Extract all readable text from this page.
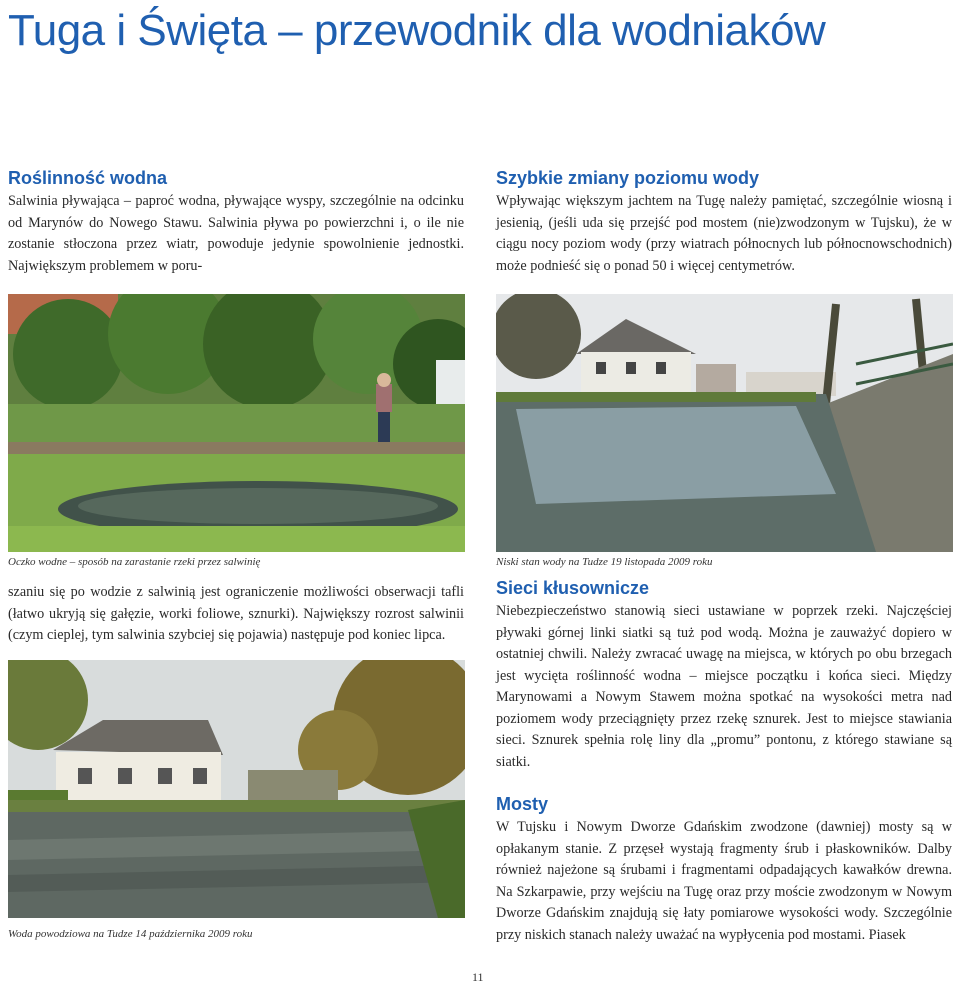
Tuga i Święta – przewodnik dla wodniaków
Roślinność wodna
Salwinia pływająca – paproć wodna, pływające wyspy, szczególnie na odcinku od Marynów do Nowego Stawu. Salwinia pływa po powierzchni i, o ile nie zostanie stłoczona przez wiatr, powoduje jedynie spowolnienie jednostki. Największym problemem w poru-
Oczko wodne – sposób na zarastanie rzeki przez salwinię
szaniu się po wodzie z salwinią jest ograniczenie możliwości obserwacji tafli (łatwo ukryją się gałęzie, worki foliowe, sznurki). Największy rozrost salwinii (czym cieplej, tym salwinia szybciej się pojawia) następuje pod koniec lipca.
Woda powodziowa na Tudze 14 października 2009 roku
Szybkie zmiany poziomu wody
Wpływając większym jachtem na Tugę należy pamiętać, szczególnie wiosną i jesienią, (jeśli uda się przejść pod mostem (nie)zwodzonym w Tujsku), że w ciągu nocy poziom wody (przy wiatrach północnych lub północnowschodnich) może podnieść się o ponad 50 i więcej centymetrów.
Niski stan wody na Tudze 19 listopada 2009 roku
Sieci kłusownicze
Niebezpieczeństwo stanowią sieci ustawiane w poprzek rzeki. Najczęściej pływaki górnej linki siatki są tuż pod wodą. Można je zauważyć dopiero w ostatniej chwili. Należy zwracać uwagę na miejsca, w których po obu brzegach jest wycięta roślinność wodna – miejsce początku i końca sieci. Między Marynowami a Nowym Stawem można spotkać na wysokości metra nad poziomem wody przeciągnięty przez rzekę sznurek. Jest to miejsce stawiania sieci. Sznurek spełnia rolę liny dla „promu” pontonu, z którego stawiane są siatki.
Mosty
W Tujsku i Nowym Dworze Gdańskim zwodzone (dawniej) mosty są w opłakanym stanie. Z przęseł wystają fragmenty śrub i płaskowników. Dalby również najeżone są śrubami i fragmentami odpadających kawałków drewna. Na Szkarpawie, przy wejściu na Tugę oraz przy moście zwodzonym w Nowym Dworze Gdańskim znajdują się łaty pomiarowe wysokości wody. Szczególnie przy niskich stanach należy uważać na wypłycenia pod mostami. Piasek
11
